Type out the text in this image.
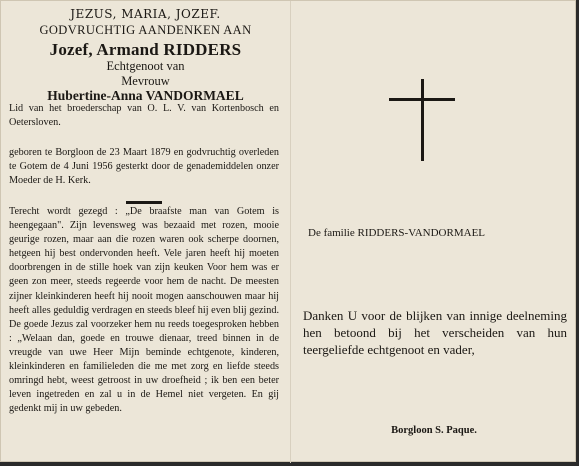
JEZUS, MARIA, JOZEF.
GODVRUCHTIG AANDENKEN AAN
Jozef, Armand RIDDERS
Echtgenoot van
Mevrouw
Hubertine-Anna VANDORMAEL
Lid van het broederschap van O. L. V. van Kortenbosch en Oetersloven.
geboren te Borgloon de 23 Maart 1879 en godvruchtig overleden te Gotem de 4 Juni 1956 gesterkt door de genademiddelen onzer Moeder de H. Kerk.
Terecht wordt gezegd : „De braafste man van Gotem is heengegaan". Zijn levensweg was bezaaid met rozen, mooie geurige rozen, maar aan die rozen waren ook scherpe doornen, hetgeen hij best ondervonden heeft. Vele jaren heeft hij moeten doorbrengen in de stille hoek van zijn keuken Voor hem was er geen zon meer, steeds regeerde voor hem de nacht. De meesten zijner kleinkinderen heeft hij nooit mogen aanschouwen maar hij heeft alles geduldig verdragen en steeds bleef hij even blij gezind. De goede Jezus zal voorzeker hem nu reeds toegesproken hebben : „Welaan dan, goede en trouwe dienaar, treed binnen in de vreugde van uwe Heer Mijn beminde echtgenote, kinderen, kleinkinderen en familieleden die me met zorg en liefde steeds omringd hebt, weest getroost in uw droefheid ; ik ben een beter leven ingetreden en zal u in de Hemel niet vergeten. En gij gedenkt mij in uw gebeden.
De familie RIDDERS-VANDORMAEL
Danken U voor de blijken van innige deelneming hen betoond bij het verscheiden van hun teergeliefde echtgenoot en vader,
Borgloon S. Paque.
